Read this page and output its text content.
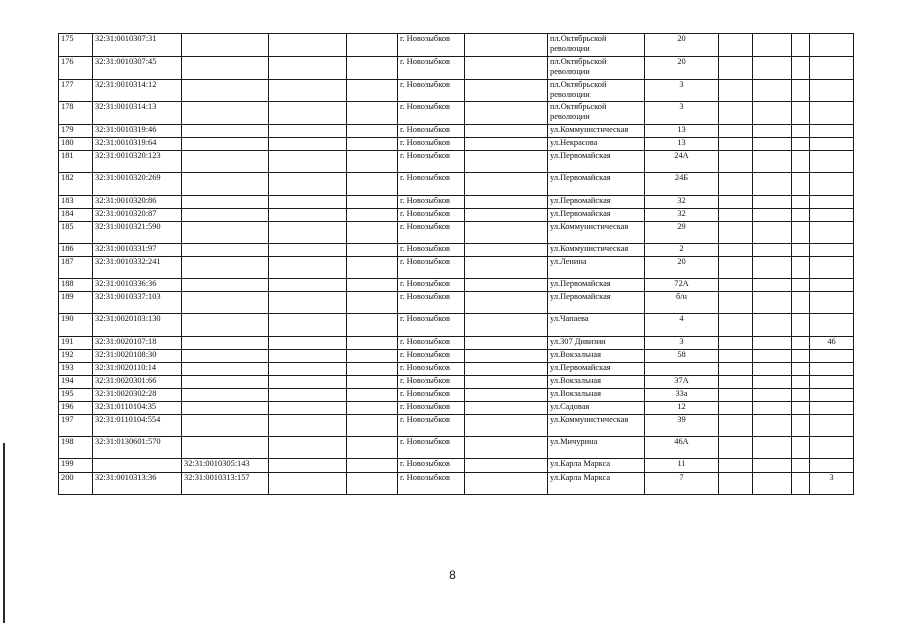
175	32:31:0010307:31				г. Новозыбков		пл.Октябрьской революции	20				
176	32:31:0010307:45				г. Новозыбков		пл.Октябрьской революции	20				
177	32:31:0010314:12				г. Новозыбков		пл.Октябрьской революции	3				
178	32:31:0010314:13				г. Новозыбков		пл.Октябрьской революции	3				
179	32:31:0010319:46				г. Новозыбков		ул.Коммунистическая	13				
180	32:31:0010319:64				г. Новозыбков		ул.Некрасова	13				
181	32:31:0010320:123				г. Новозыбков		ул.Первомайская	24А				
182	32:31:0010320:269				г. Новозыбков		ул.Первомайская	24Б				
183	32:31:0010320:86				г. Новозыбков		ул.Первомайская	32				
184	32:31:0010320:87				г. Новозыбков		ул.Первомайская	32				
185	32:31:0010321:590				г. Новозыбков		ул.Коммунистическая	29				
186	32:31:0010331:97				г. Новозыбков		ул.Коммунистическая	2				
187	32:31:0010332:241				г. Новозыбков		ул.Ленина	20				
188	32:31:0010336:36				г. Новозыбков		ул.Первомайская	72А				
189	32:31:0010337:103				г. Новозыбков		ул.Первомайская	б/н				
190	32:31:0020103:130				г. Новозыбков		ул.Чапаева	4				
191	32:31:0020107:18				г. Новозыбков		ул.307 Дивизии	3				46
192	32:31:0020108:30				г. Новозыбков		ул.Вокзальная	58				
193	32:31:0020110:14				г. Новозыбков		ул.Первомайская					
194	32:31:0020301:66				г. Новозыбков		ул.Вокзальная	37А				
195	32:31:0020302:28				г. Новозыбков		ул.Вокзальная	33а				
196	32:31:0110104:35				г. Новозыбков		ул.Садовая	12				
197	32:31:0110104:554				г. Новозыбков		ул.Коммунистическая	39				
198	32:31:0130601:570				г. Новозыбков		ул.Мичурина	46А				
199		32:31:0010305:143			г. Новозыбков		ул.Карла Маркса	11				
200	32:31:0010313:36	32:31:0010313:157			г. Новозыбков		ул.Карла Маркса	7				3
8
